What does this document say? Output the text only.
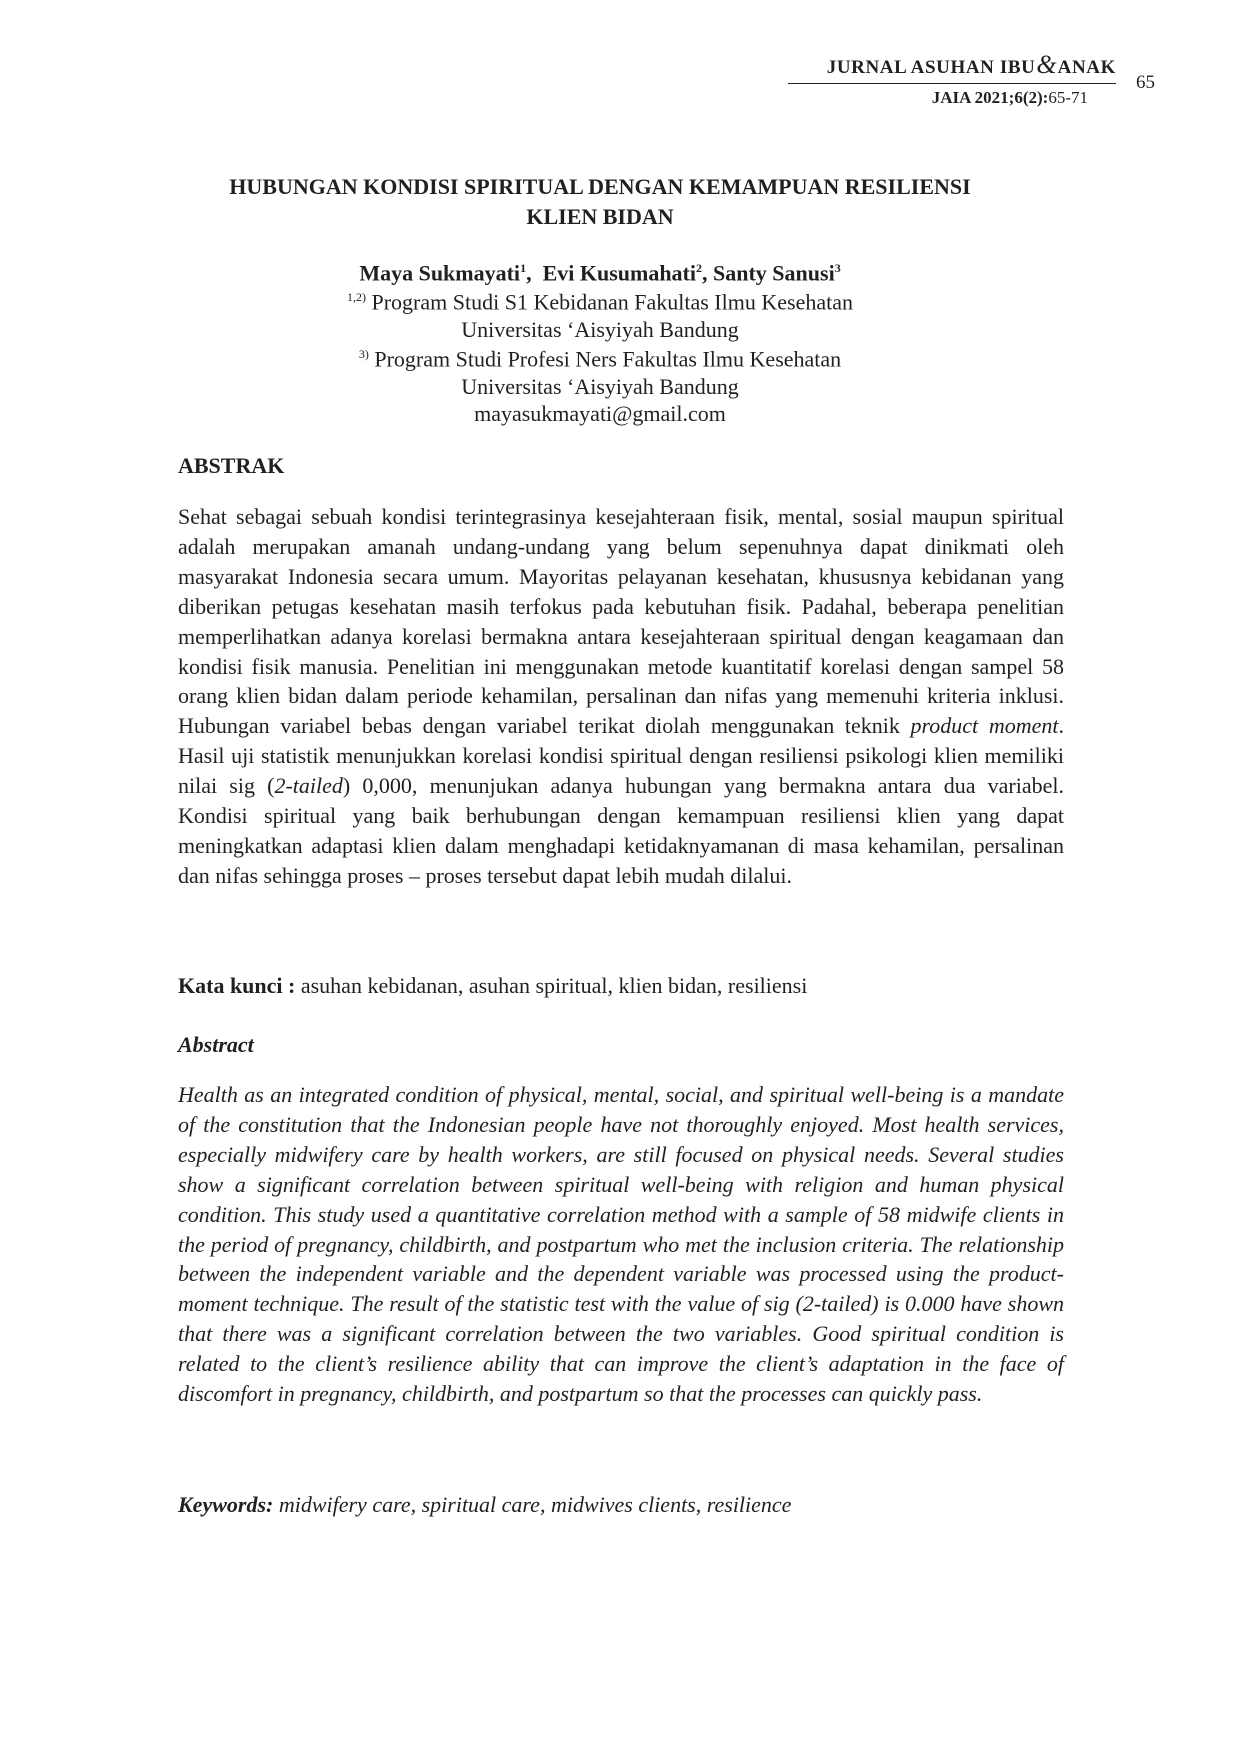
JURNAL ASUHAN IBU&ANAK
JAIA 2021;6(2):65-71
65
HUBUNGAN KONDISI SPIRITUAL DENGAN KEMAMPUAN RESILIENSI
KLIEN BIDAN
Maya Sukmayati$^1$,  Evi Kusumahati$^2$, Santy Sanusi$^3$
$^{1,2)}$ Program Studi S1 Kebidanan Fakultas Ilmu Kesehatan
Universitas ‘Aisyiyah Bandung
$^{3)}$ Program Studi Profesi Ners Fakultas Ilmu Kesehatan
Universitas ‘Aisyiyah Bandung
mayasukmayati@gmail.com
ABSTRAK
Sehat sebagai sebuah kondisi terintegrasinya kesejahteraan fisik, mental, sosial maupun spiritual adalah merupakan amanah undang-undang yang belum sepenuhnya dapat dinikmati oleh masyarakat Indonesia secara umum. Mayoritas pelayanan kesehatan, khususnya kebidanan yang diberikan petugas kesehatan masih terfokus pada kebutuhan fisik. Padahal, beberapa penelitian memperlihatkan adanya korelasi bermakna antara kesejahteraan spiritual dengan keagamaan dan kondisi fisik manusia. Penelitian ini menggunakan metode kuantitatif korelasi dengan sampel 58 orang klien bidan dalam periode kehamilan, persalinan dan nifas yang memenuhi kriteria inklusi. Hubungan variabel bebas dengan variabel terikat diolah menggunakan teknik product moment. Hasil uji statistik menunjukkan korelasi kondisi spiritual dengan resiliensi psikologi klien memiliki nilai sig (2-tailed) 0,000, menunjukan adanya hubungan yang bermakna antara dua variabel. Kondisi spiritual yang baik berhubungan dengan kemampuan resiliensi klien yang dapat meningkatkan adaptasi klien dalam menghadapi ketidaknyamanan di masa kehamilan, persalinan dan nifas sehingga proses – proses tersebut dapat lebih mudah dilalui.
Kata kunci : asuhan kebidanan, asuhan spiritual, klien bidan, resiliensi
Abstract
Health as an integrated condition of physical, mental, social, and spiritual well-being is a mandate of the constitution that the Indonesian people have not thoroughly enjoyed. Most health services, especially midwifery care by health workers, are still focused on physical needs. Several studies show a significant correlation between spiritual well-being with religion and human physical condition. This study used a quantitative correlation method with a sample of 58 midwife clients in the period of pregnancy, childbirth, and postpartum who met the inclusion criteria. The relationship between the independent variable and the dependent variable was processed using the product-moment technique. The result of the statistic test with the value of sig (2-tailed) is 0.000 have shown that there was a significant correlation between the two variables. Good spiritual condition is related to the client’s resilience ability that can improve the client’s adaptation in the face of discomfort in pregnancy, childbirth, and postpartum so that the processes can quickly pass.
Keywords: midwifery care, spiritual care, midwives clients, resilience
